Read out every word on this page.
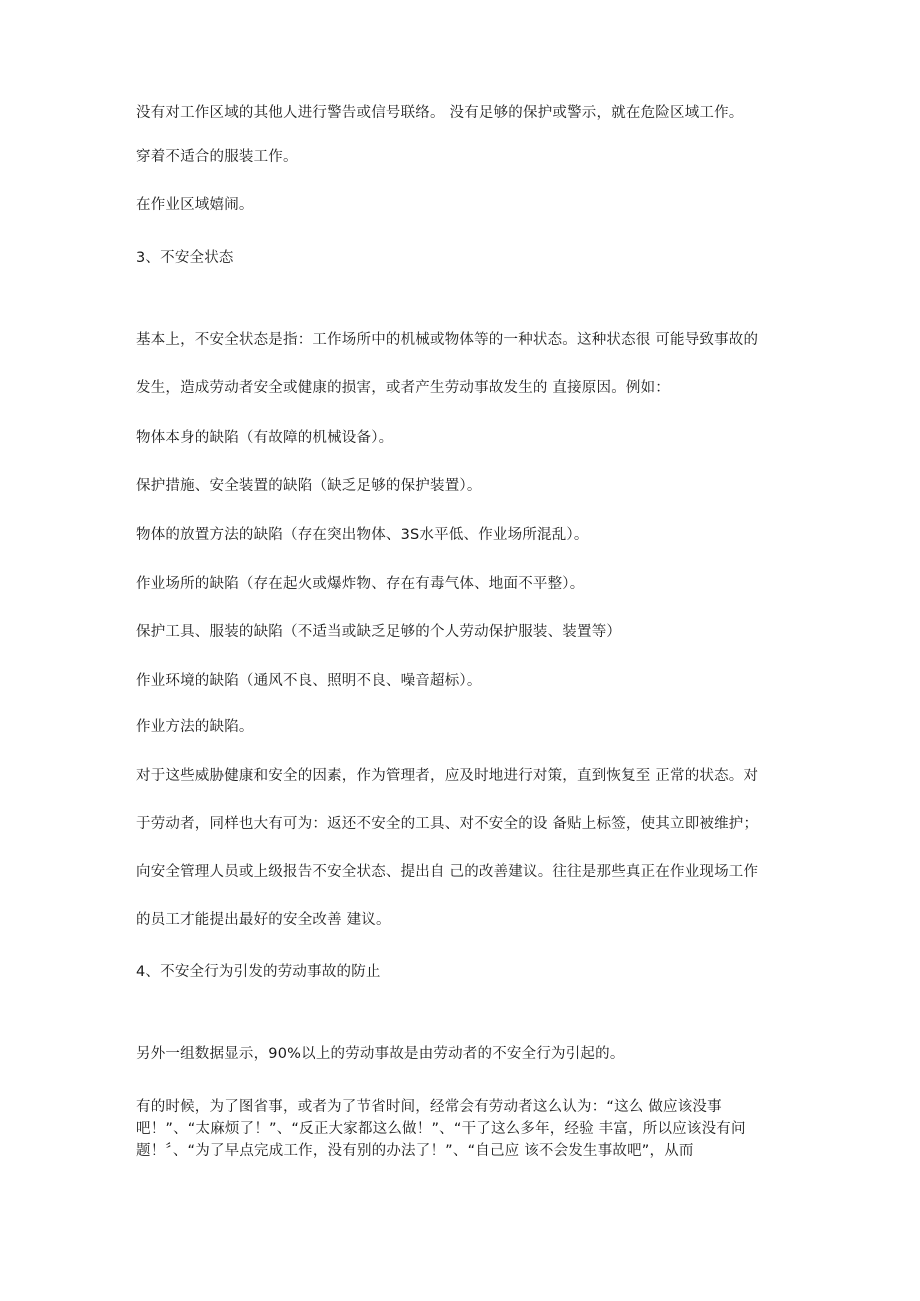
没有对工作区域的其他人进行警告或信号联络。 没有足够的保护或警示，就在危险区域工作。
穿着不适合的服装工作。
在作业区域嬉闹。
3、不安全状态
基本上，不安全状态是指：工作场所中的机械或物体等的一种状态。这种状态很 可能导致事故的
发生，造成劳动者安全或健康的损害，或者产生劳动事故发生的 直接原因。例如：
物体本身的缺陷（有故障的机械设备）。
保护措施、安全装置的缺陷（缺乏足够的保护装置）。
物体的放置方法的缺陷（存在突出物体、3S水平低、作业场所混乱）。
作业场所的缺陷（存在起火或爆炸物、存在有毒气体、地面不平整）。
保护工具、服装的缺陷（不适当或缺乏足够的个人劳动保护服装、装置等）
作业环境的缺陷（通风不良、照明不良、噪音超标）。
作业方法的缺陷。
对于这些威胁健康和安全的因素，作为管理者，应及时地进行对策，直到恢复至 正常的状态。对
于劳动者，同样也大有可为：返还不安全的工具、对不安全的设 备贴上标签，使其立即被维护；
向安全管理人员或上级报告不安全状态、提出自 己的改善建议。往往是那些真正在作业现场工作
的员工才能提出最好的安全改善 建议。
4、不安全行为引发的劳动事故的防止
另外一组数据显示，90%以上的劳动事故是由劳动者的不安全行为引起的。
有的时候，为了图省事，或者为了节省时间，经常会有劳动者这么认为：“这么 做应该没事吧！”、“太麻烦了！”、“反正大家都这么做！”、“干了这么多年，经验 丰富，所以应该没有问题！〞、“为了早点完成工作，没有别的办法了！”、“自己应 该不会发生事故吧”，从而
